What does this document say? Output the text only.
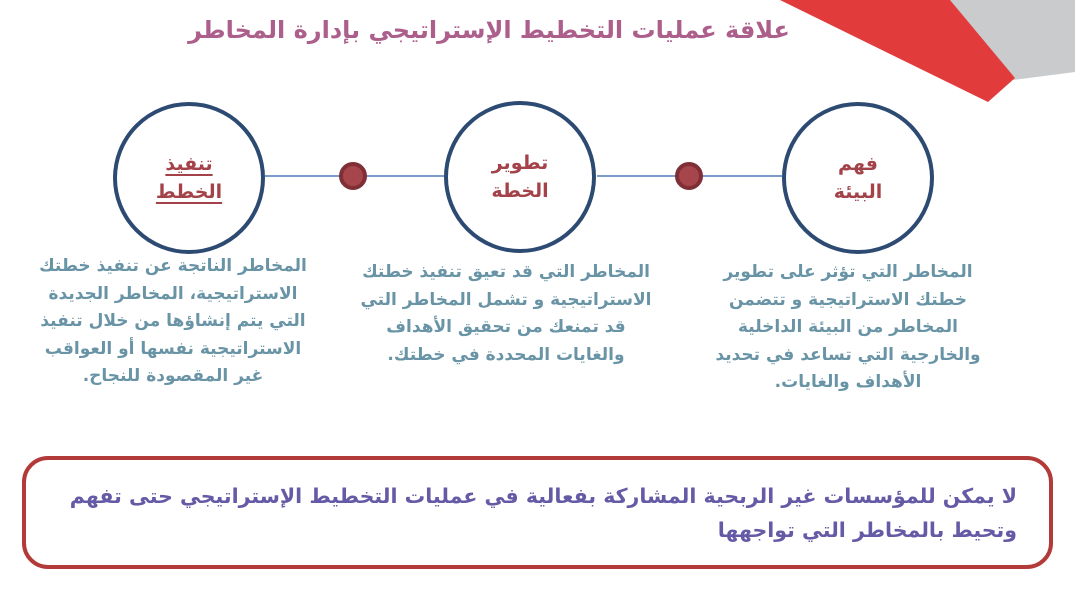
علاقة عمليات التخطيط الإستراتيجي بإدارة المخاطر
فهم البيئة
تطوير الخطة
تنفيذ الخطط
المخاطر التي تؤثر على تطوير خطتك الاستراتيجية و تتضمن المخاطر من البيئة الداخلية والخارجية التي تساعد في تحديد الأهداف والغايات.
المخاطر التي قد تعيق تنفيذ خطتك الاستراتيجية و تشمل المخاطر التي قد تمنعك من تحقيق الأهداف والغايات المحددة في خطتك.
المخاطر الناتجة عن تنفيذ خطتك الاستراتيجية، المخاطر الجديدة التي يتم إنشاؤها من خلال تنفيذ الاستراتيجية نفسها أو العواقب غير المقصودة للنجاح.
لا يمكن للمؤسسات غير الربحية المشاركة بفعالية في عمليات التخطيط الإستراتيجي حتى تفهم
وتحيط بالمخاطر التي تواجهها
